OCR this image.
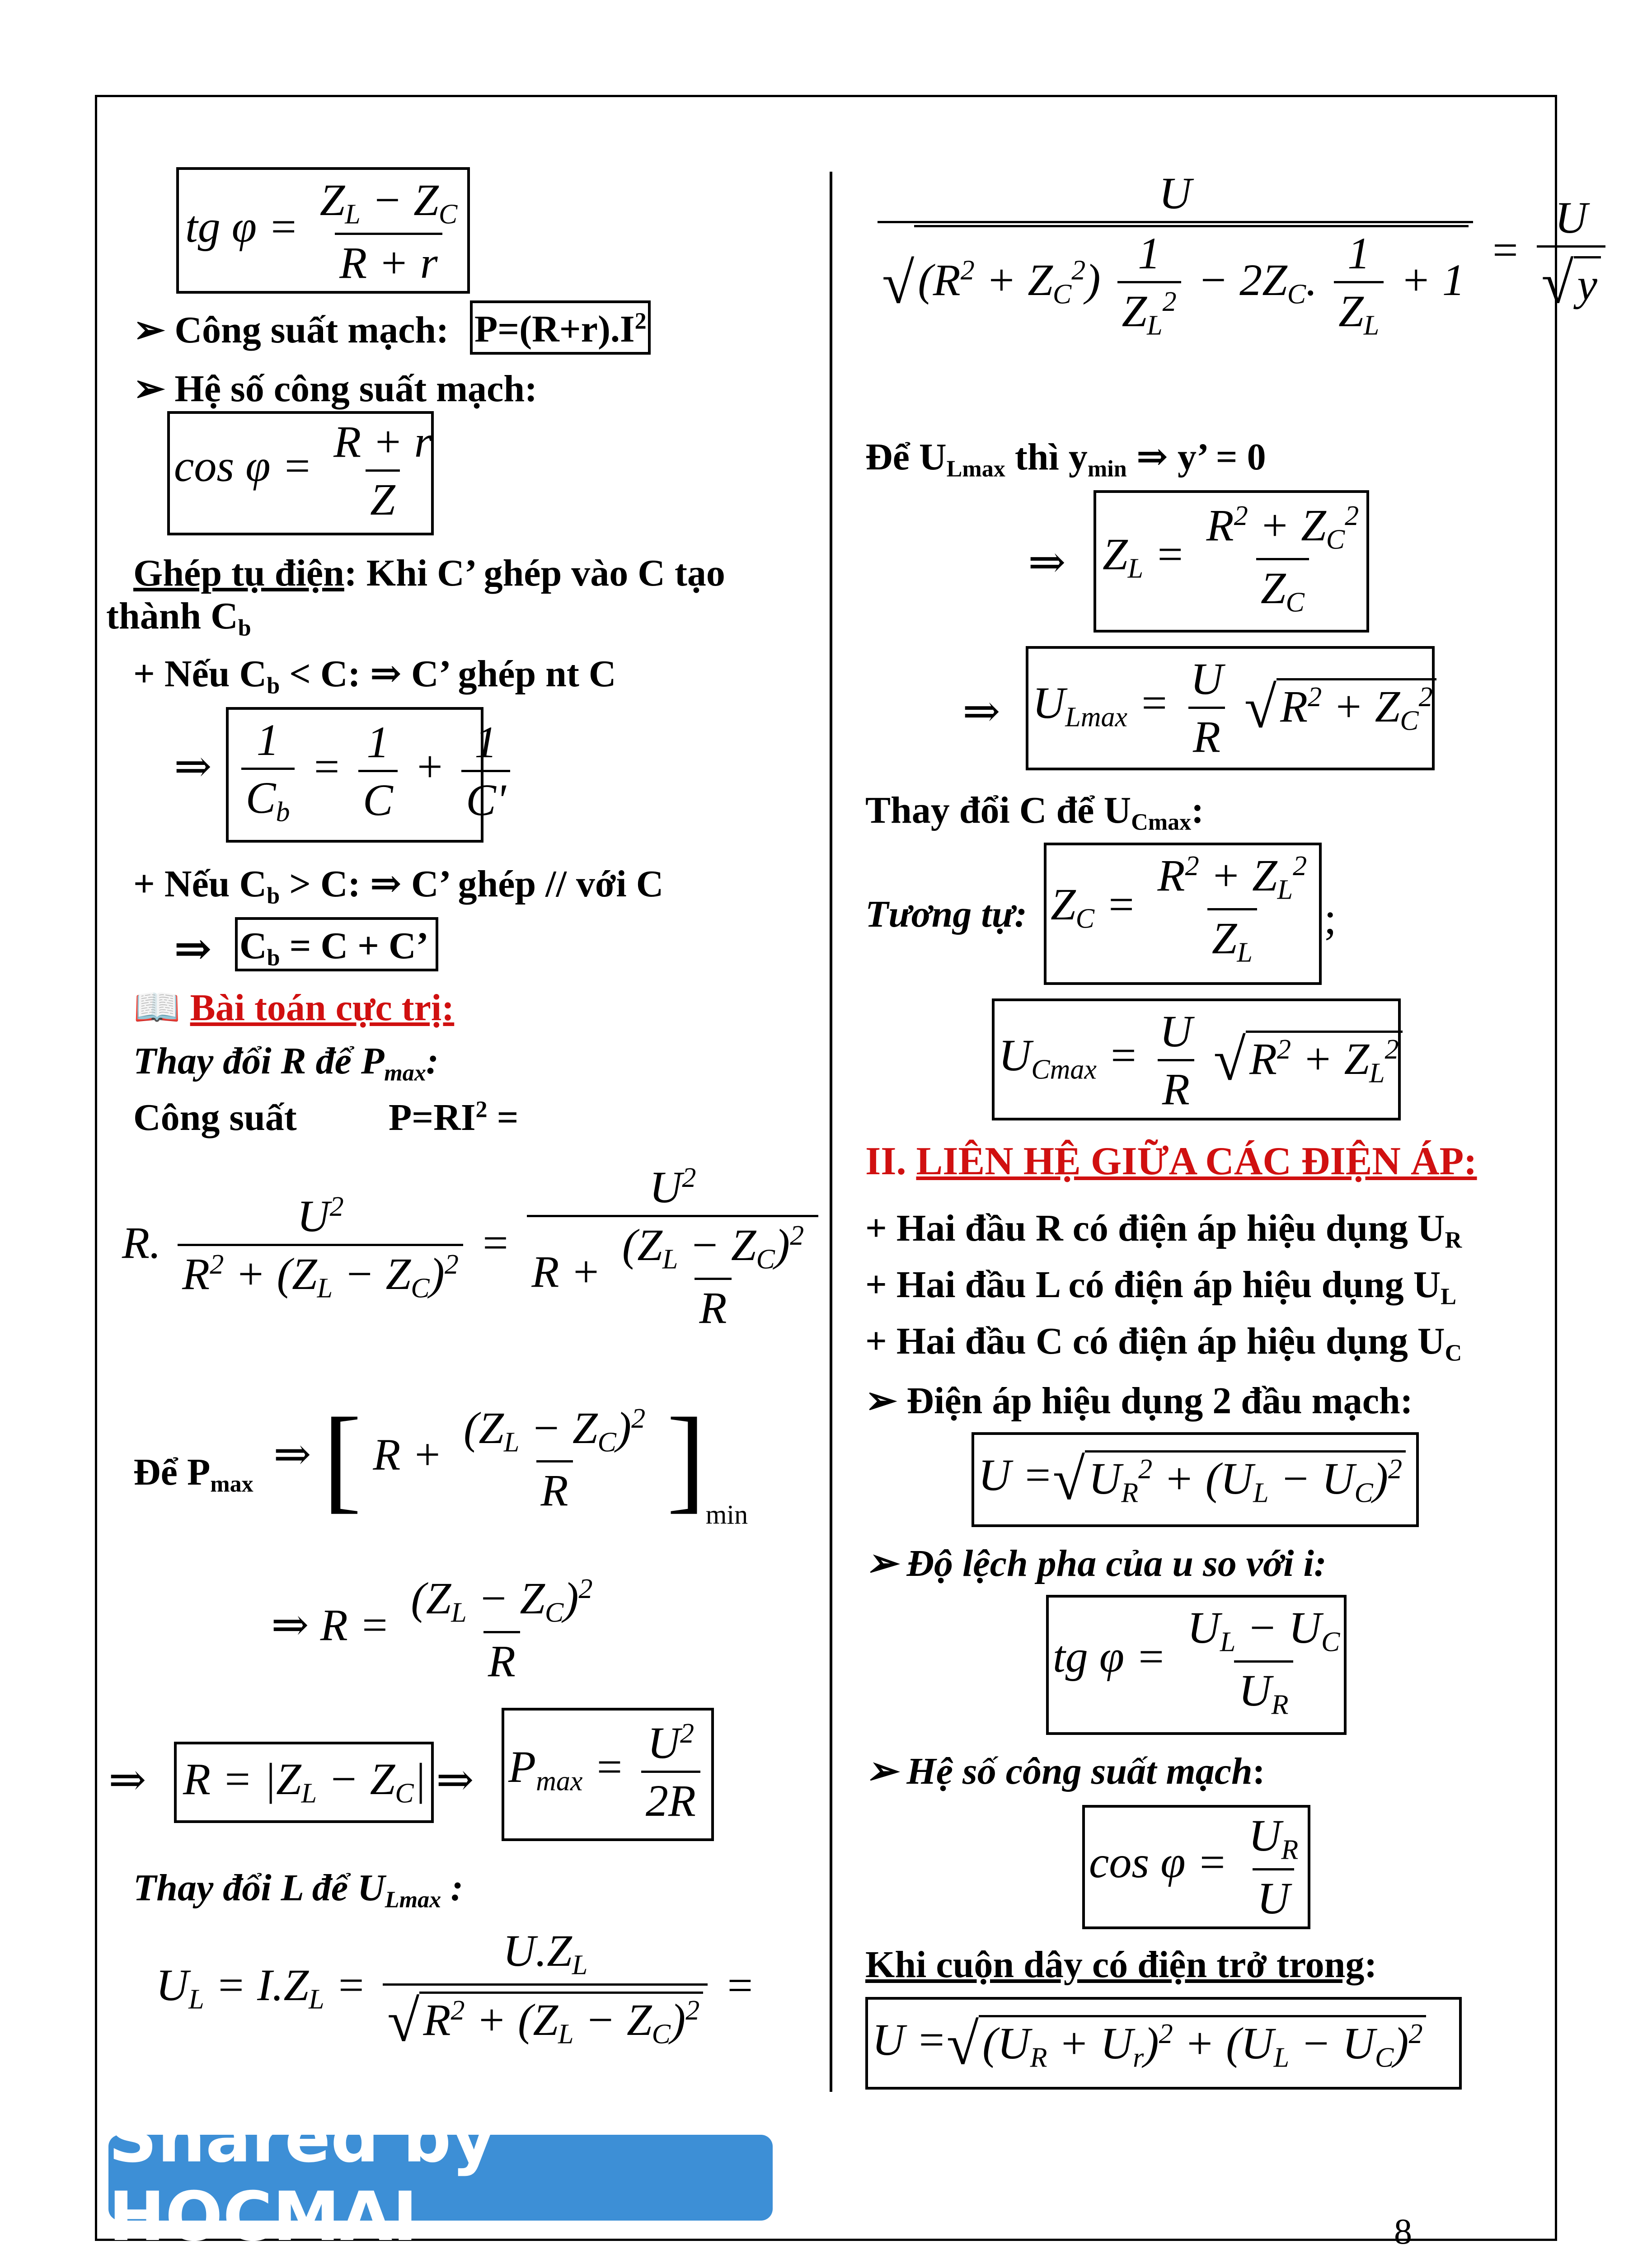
tg $\varphi = \frac{Z_L - Z_C}{R + r}$
➢ Công suất mạch: $P=(R+r).I^2$
➢ Hệ số công suất mạch:
$\cos \varphi = \frac{R + r}{Z}$
Ghép tụ điện: Khi C’ ghép vào C tạo
thành $C_b$
+ Nếu $C_b < C$: ⇒ C’ ghép nt C
⇒ $\frac{1}{C_b} = \frac{1}{C} + \frac{1}{C'}$
+ Nếu $C_b > C$: ⇒ C’ ghép // với C
⇒ $C_b = C + C$’
📖 Bài toán cực trị:
Thay đổi R để $P_{max}$:
Công suất $P=RI^2$ =
R. $\frac{U^2}{R^2 + (Z_L - Z_C)^2} = \frac{U^2}{R + \frac{(Z_L - Z_C)^2}{R}}$
Để $P_{max}$
⇒ [ $R + \frac{(Z_L - Z_C)^2}{R} ]_{min}$
⇒ $R = \frac{(Z_L - Z_C)^2}{R}$
⇒ $R = |Z_L - Z_C|$ ⇒ $P_{max} = \frac{U^2}{2R}$
Thay đổi L để $U_{Lmax}$ :
$U_L = I.Z_L = \frac{U.Z_L}{√R^2 + (Z_L - Z_C)^2}$ =
$\frac{U}{√(R^2 + Z_C^2) \frac{1}{Z_L^2} - 2Z_C. \frac{1}{Z_L} + 1} = \frac{U}{√y}$
Để $U_{Lmax}$ thì $y_{min}$ ⇒ y’ = 0
⇒ $Z_L = \frac{R^2 + Z_C^2}{Z_C}$
⇒ $U_{Lmax} = \frac{U}{R} √R^2 + Z_C^2$
Thay đổi C để $U_{Cmax}$:
Tương tự: $Z_C = \frac{R^2 + Z_L^2}{Z_L}$ ;
$U_{Cmax} = \frac{U}{R} √R^2 + Z_L^2$
II. LIÊN HỆ GIỮA CÁC ĐIỆN ÁP:
+ Hai đầu R có điện áp hiệu dụng $U_R$
+ Hai đầu L có điện áp hiệu dụng $U_L$
+ Hai đầu C có điện áp hiệu dụng $U_C$
➢ Điện áp hiệu dụng 2 đầu mạch:
$U =√U_R^2 + (U_L - U_C)^2$
➢ Độ lệch pha của u so với i:
tg $\varphi = \frac{U_L - U_C}{U_R}$
➢ Hệ số công suất mạch:
$\cos \varphi = \frac{U_R}{U}$
Khi cuộn dây có điện trở trong:
$U =√(U_R + U_r)^2 + (U_L - U_C)^2$
Shared by HOCMAI	8
